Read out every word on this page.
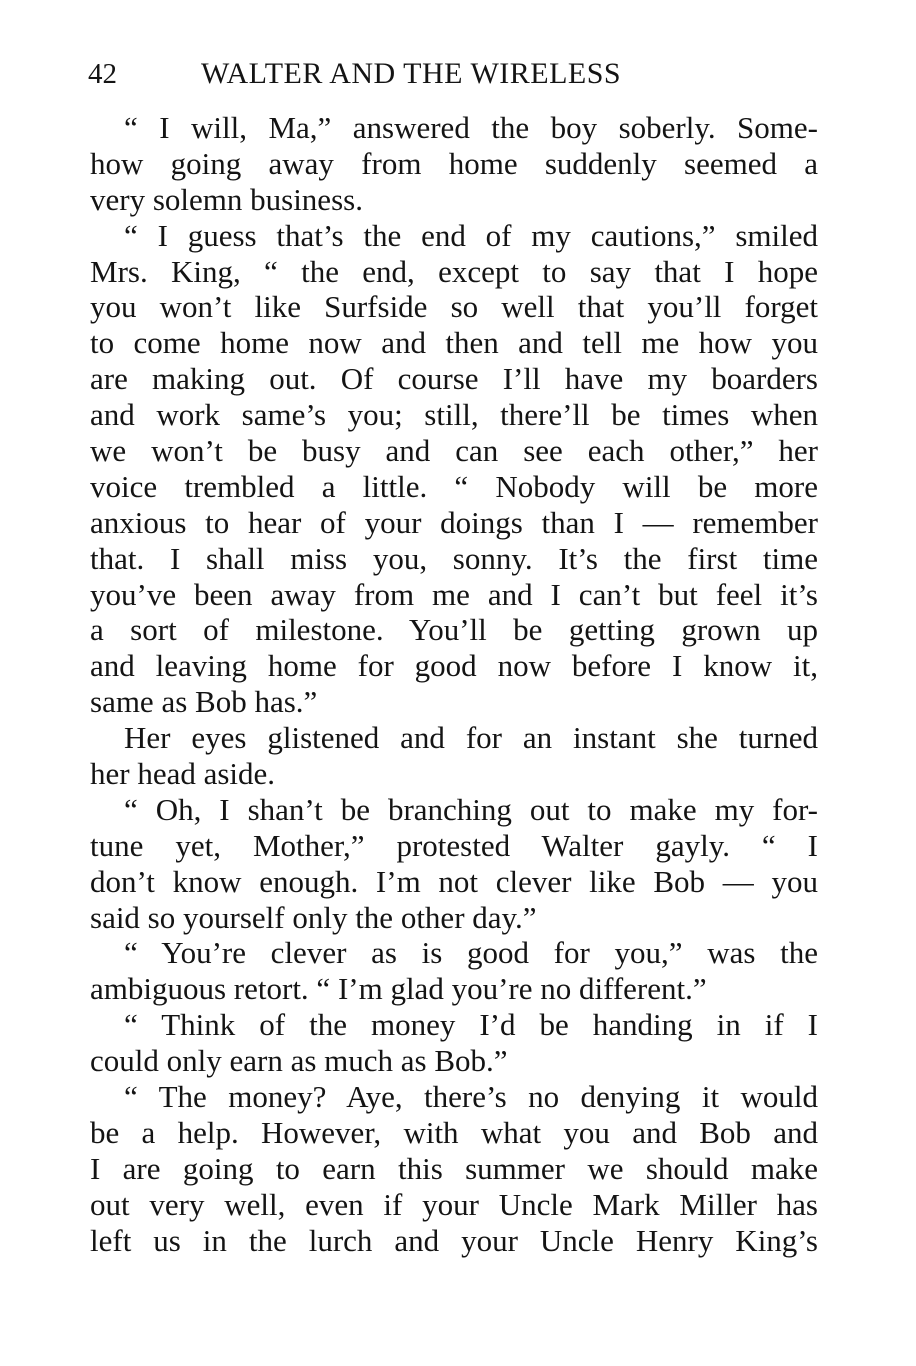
42	WALTER AND THE WIRELESS
“ I will, Ma,” answered the boy soberly. Some-
how going away from home suddenly seemed a
very solemn business.
“ I guess that’s the end of my cautions,” smiled
Mrs. King, “ the end, except to say that I hope
you won’t like Surfside so well that you’ll forget
to come home now and then and tell me how you
are making out. Of course I’ll have my boarders
and work same’s you; still, there’ll be times when
we won’t be busy and can see each other,” her
voice trembled a little. “ Nobody will be more
anxious to hear of your doings than I — remember
that. I shall miss you, sonny. It’s the first time
you’ve been away from me and I can’t but feel it’s
a sort of milestone. You’ll be getting grown up
and leaving home for good now before I know it,
same as Bob has.”
Her eyes glistened and for an instant she turned
her head aside.
“ Oh, I shan’t be branching out to make my for-
tune yet, Mother,” protested Walter gayly. “ I
don’t know enough. I’m not clever like Bob — you
said so yourself only the other day.”
“ You’re clever as is good for you,” was the
ambiguous retort. “ I’m glad you’re no different.”
“ Think of the money I’d be handing in if I
could only earn as much as Bob.”
“ The money? Aye, there’s no denying it would
be a help. However, with what you and Bob and
I are going to earn this summer we should make
out very well, even if your Uncle Mark Miller has
left us in the lurch and your Uncle Henry King’s
